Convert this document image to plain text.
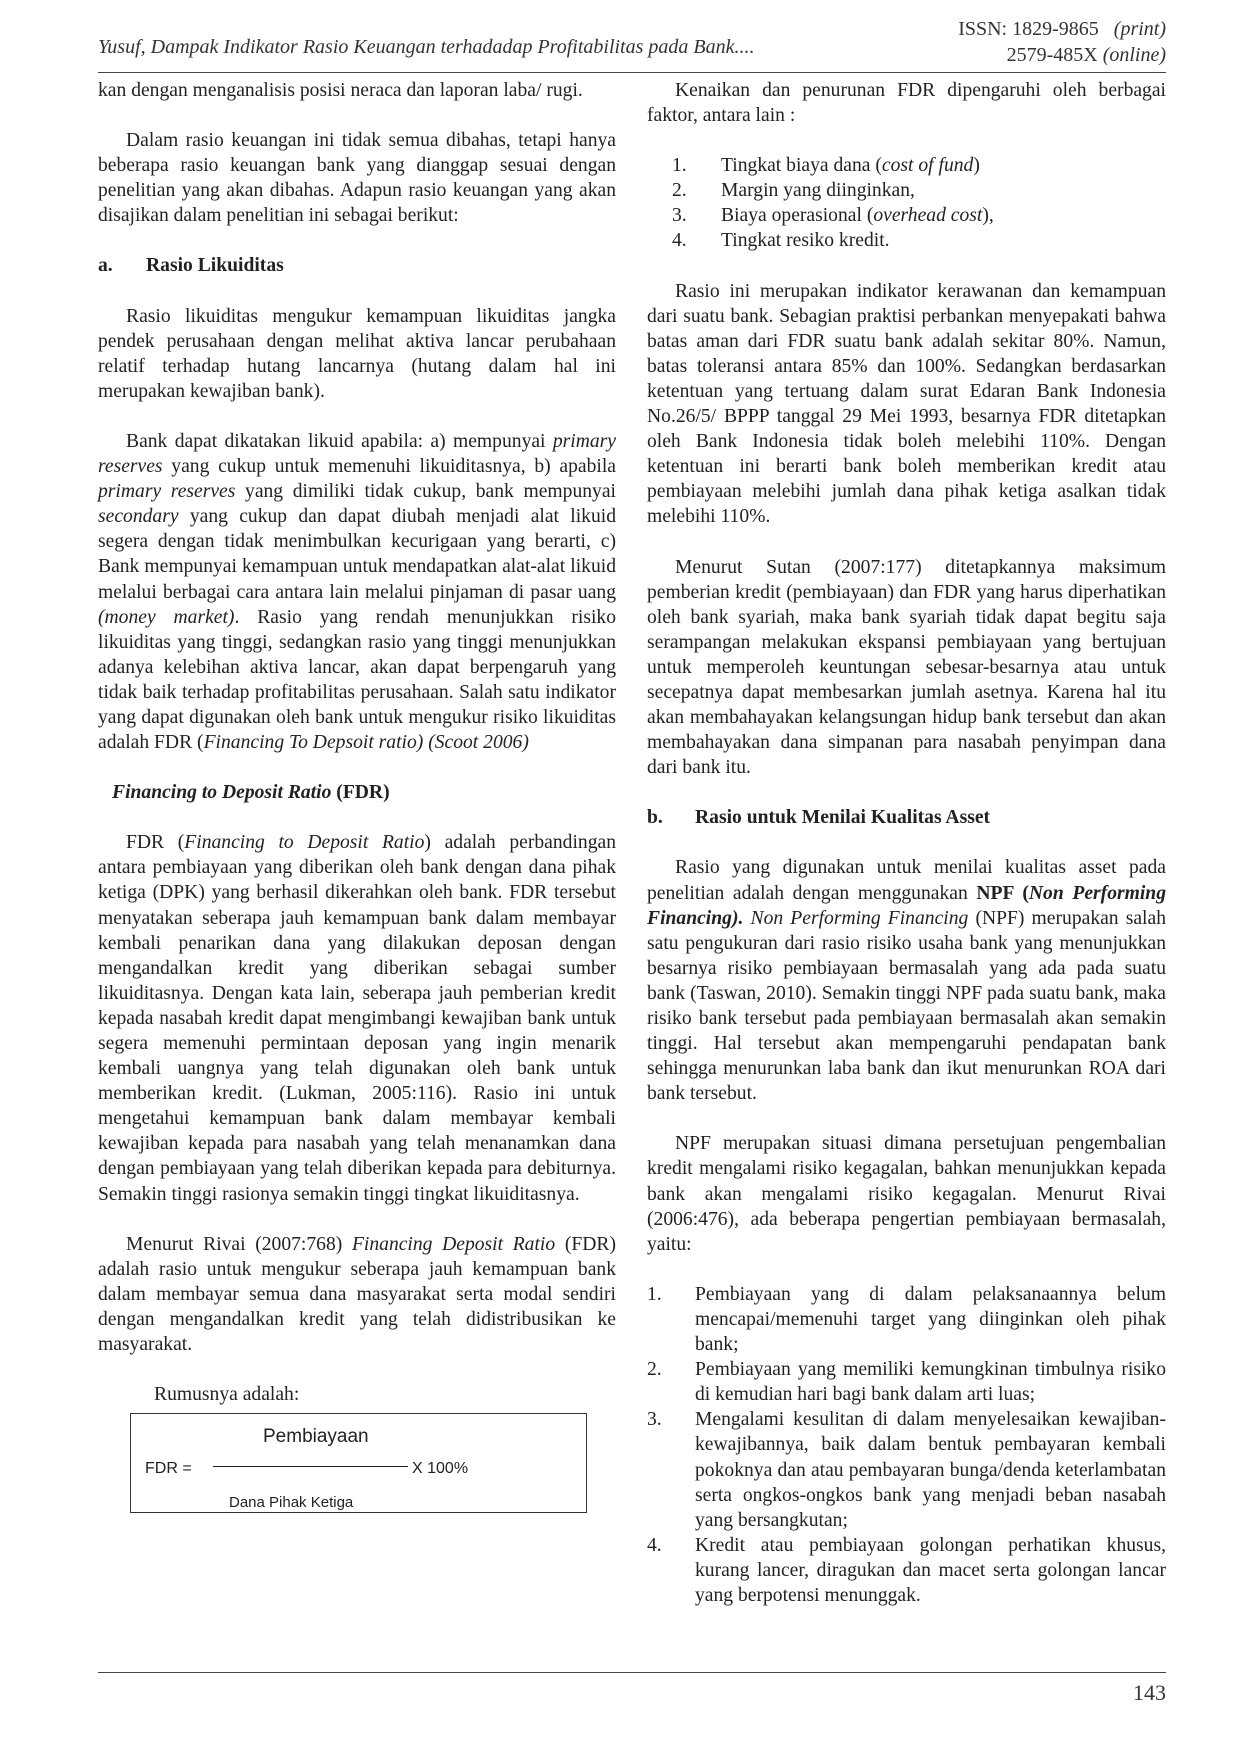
Yusuf, Dampak Indikator Rasio Keuangan terhadadap Profitabilitas pada Bank....
ISSN: 1829-9865 (print)
2579-485X (online)

kan dengan menganalisis posisi neraca dan laporan laba/ rugi.

Dalam rasio keuangan ini tidak semua dibahas, tetapi hanya beberapa rasio keuangan bank yang dianggap sesuai dengan penelitian yang akan dibahas. Adapun rasio keuangan yang akan disajikan dalam penelitian ini sebagai berikut:

a. Rasio Likuiditas

Rasio likuiditas mengukur kemampuan likuiditas jangka pendek perusahaan dengan melihat aktiva lancar perubahaan relatif terhadap hutang lancarnya (hutang dalam hal ini merupakan kewajiban bank).

Bank dapat dikatakan likuid apabila: a) mempunyai primary reserves yang cukup untuk memenuhi likuiditasnya, b) apabila primary reserves yang dimiliki tidak cukup, bank mempunyai secondary yang cukup dan dapat diubah menjadi alat likuid segera dengan tidak menimbulkan kecurigaan yang berarti, c) Bank mempunyai kemampuan untuk mendapatkan alat-alat likuid melalui berbagai cara antara lain melalui pinjaman di pasar uang (money market). Rasio yang rendah menunjukkan risiko likuiditas yang tinggi, sedangkan rasio yang tinggi menunjukkan adanya kelebihan aktiva lancar, akan dapat berpengaruh yang tidak baik terhadap profitabilitas perusahaan. Salah satu indikator yang dapat digunakan oleh bank untuk mengukur risiko likuiditas adalah FDR (Financing To Depsoit ratio) (Scoot 2006)

Financing to Deposit Ratio (FDR)

FDR (Financing to Deposit Ratio) adalah perbandingan antara pembiayaan yang diberikan oleh bank dengan dana pihak ketiga (DPK) yang berhasil dikerahkan oleh bank. FDR tersebut menyatakan seberapa jauh kemampuan bank dalam membayar kembali penarikan dana yang dilakukan deposan dengan mengandalkan kredit yang diberikan sebagai sumber likuiditasnya. Dengan kata lain, seberapa jauh pemberian kredit kepada nasabah kredit dapat mengimbangi kewajiban bank untuk segera memenuhi permintaan deposan yang ingin menarik kembali uangnya yang telah digunakan oleh bank untuk memberikan kredit. (Lukman, 2005:116). Rasio ini untuk mengetahui kemampuan bank dalam membayar kembali kewajiban kepada para nasabah yang telah menanamkan dana dengan pembiayaan yang telah diberikan kepada para debiturnya. Semakin tinggi rasionya semakin tinggi tingkat likuiditasnya.

Menurut Rivai (2007:768) Financing Deposit Ratio (FDR) adalah rasio untuk mengukur seberapa jauh kemampuan bank dalam membayar semua dana masyarakat serta modal sendiri dengan mengandalkan kredit yang telah didistribusikan ke masyarakat.

Rumusnya adalah:
Pembiayaan
FDR =	X 100%
Dana Pihak Ketiga

Kenaikan dan penurunan FDR dipengaruhi oleh berbagai faktor, antara lain :

1. Tingkat biaya dana (cost of fund)
2. Margin yang diinginkan,
3. Biaya operasional (overhead cost),
4. Tingkat resiko kredit.

Rasio ini merupakan indikator kerawanan dan kemampuan dari suatu bank. Sebagian praktisi perbankan menyepakati bahwa batas aman dari FDR suatu bank adalah sekitar 80%. Namun, batas toleransi antara 85% dan 100%. Sedangkan berdasarkan ketentuan yang tertuang dalam surat Edaran Bank Indonesia No.26/5/ BPPP tanggal 29 Mei 1993, besarnya FDR ditetapkan oleh Bank Indonesia tidak boleh melebihi 110%. Dengan ketentuan ini berarti bank boleh memberikan kredit atau pembiayaan melebihi jumlah dana pihak ketiga asalkan tidak melebihi 110%.

Menurut Sutan (2007:177) ditetapkannya maksimum pemberian kredit (pembiayaan) dan FDR yang harus diperhatikan oleh bank syariah, maka bank syariah tidak dapat begitu saja serampangan melakukan ekspansi pembiayaan yang bertujuan untuk memperoleh keuntungan sebesar-besarnya atau untuk secepatnya dapat membesarkan jumlah asetnya. Karena hal itu akan membahayakan kelangsungan hidup bank tersebut dan akan membahayakan dana simpanan para nasabah penyimpan dana dari bank itu.

b. Rasio untuk Menilai Kualitas Asset

Rasio yang digunakan untuk menilai kualitas asset pada penelitian adalah dengan menggunakan NPF (Non Performing Financing). Non Performing Financing (NPF) merupakan salah satu pengukuran dari rasio risiko usaha bank yang menunjukkan besarnya risiko pembiayaan bermasalah yang ada pada suatu bank (Taswan, 2010). Semakin tinggi NPF pada suatu bank, maka risiko bank tersebut pada pembiayaan bermasalah akan semakin tinggi. Hal tersebut akan mempengaruhi pendapatan bank sehingga menurunkan laba bank dan ikut menurunkan ROA dari bank tersebut.

NPF merupakan situasi dimana persetujuan pengembalian kredit mengalami risiko kegagalan, bahkan menunjukkan kepada bank akan mengalami risiko kegagalan. Menurut Rivai (2006:476), ada beberapa pengertian pembiayaan bermasalah, yaitu:

1. Pembiayaan yang di dalam pelaksanaannya belum mencapai/memenuhi target yang diinginkan oleh pihak bank;
2. Pembiayaan yang memiliki kemungkinan timbulnya risiko di kemudian hari bagi bank dalam arti luas;
3. Mengalami kesulitan di dalam menyelesaikan kewajiban-kewajibannya, baik dalam bentuk pembayaran kembali pokoknya dan atau pembayaran bunga/denda keterlambatan serta ongkos-ongkos bank yang menjadi beban nasabah yang bersangkutan;
4. Kredit atau pembiayaan golongan perhatikan khusus, kurang lancer, diragukan dan macet serta golongan lancar yang berpotensi menunggak.
143
